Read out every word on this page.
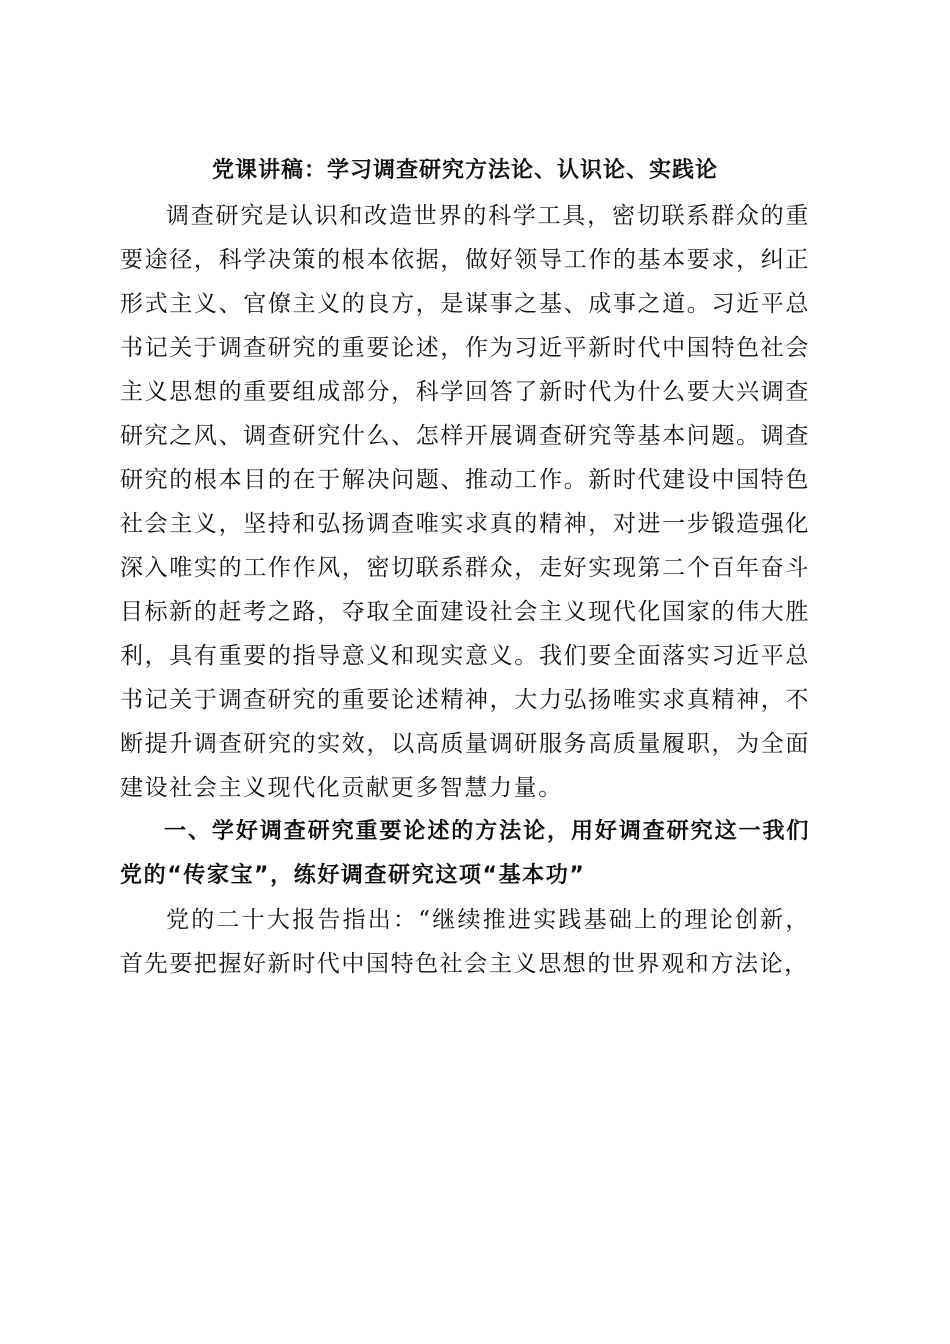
党课讲稿：学习调查研究方法论、认识论、实践论

调查研究是认识和改造世界的科学工具，密切联系群众的重要途径，科学决策的根本依据，做好领导工作的基本要求，纠正形式主义、官僚主义的良方，是谋事之基、成事之道。习近平总书记关于调查研究的重要论述，作为习近平新时代中国特色社会主义思想的重要组成部分，科学回答了新时代为什么要大兴调查研究之风、调查研究什么、怎样开展调查研究等基本问题。调查研究的根本目的在于解决问题、推动工作。新时代建设中国特色社会主义，坚持和弘扬调查唯实求真的精神，对进一步锻造强化深入唯实的工作作风，密切联系群众，走好实现第二个百年奋斗目标新的赶考之路，夺取全面建设社会主义现代化国家的伟大胜利，具有重要的指导意义和现实意义。我们要全面落实习近平总书记关于调查研究的重要论述精神，大力弘扬唯实求真精神，不断提升调查研究的实效，以高质量调研服务高质量履职，为全面建设社会主义现代化贡献更多智慧力量。

一、学好调查研究重要论述的方法论，用好调查研究这一我们党的“传家宝”，练好调查研究这项“基本功”

党的二十大报告指出：“继续推进实践基础上的理论创新，首先要把握好新时代中国特色社会主义思想的世界观和方法论，
